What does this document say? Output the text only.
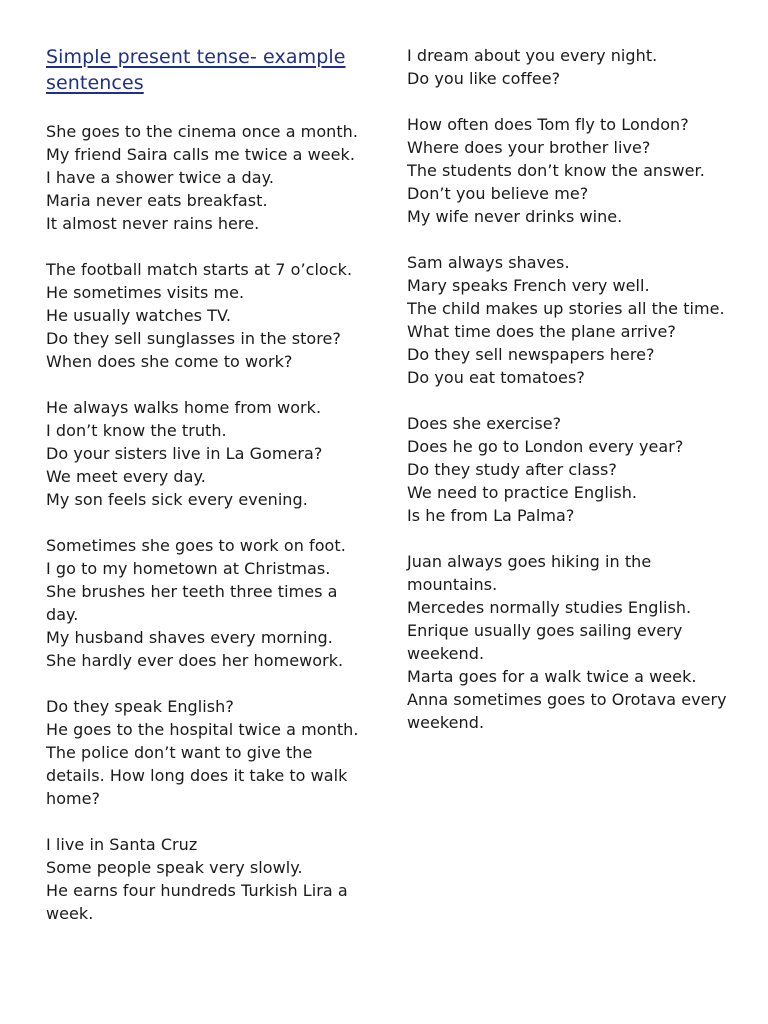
Simple present tense- example sentences
She goes to the cinema once a month.
My friend Saira calls me twice a week.
I have a shower twice a day.
Maria never eats breakfast.
It almost never rains here.
The football match starts at 7 o’clock.
He sometimes visits me.
He usually watches TV.
Do they sell sunglasses in the store?
When does she come to work?
He always walks home from work.
I don’t know the truth.
Do your sisters live in La Gomera?
We meet every day.
My son feels sick every evening.
Sometimes she goes to work on foot.
I go to my hometown at Christmas.
She brushes her teeth three times a day.
My husband shaves every morning.
She hardly ever does her homework.
Do they speak English?
He goes to the hospital twice a month.
The police don’t want to give the details. How long does it take to walk home?
I live in Santa Cruz
Some people speak very slowly.
He earns four hundreds Turkish Lira a week.
I dream about you every night.
Do you like coffee?
How often does Tom fly to London?
Where does your brother live?
The students don’t know the answer.
Don’t you believe me?
My wife never drinks wine.
Sam always shaves.
Mary speaks French very well.
The child makes up stories all the time.
What time does the plane arrive?
Do they sell newspapers here?
Do you eat tomatoes?
Does she exercise?
Does he go to London every year?
Do they study after class?
We need to practice English.
Is he from La Palma?
Juan always goes hiking in the mountains.
Mercedes normally studies English.
Enrique usually goes sailing every weekend.
Marta goes for a walk twice a week.
Anna sometimes goes to Orotava every weekend.
